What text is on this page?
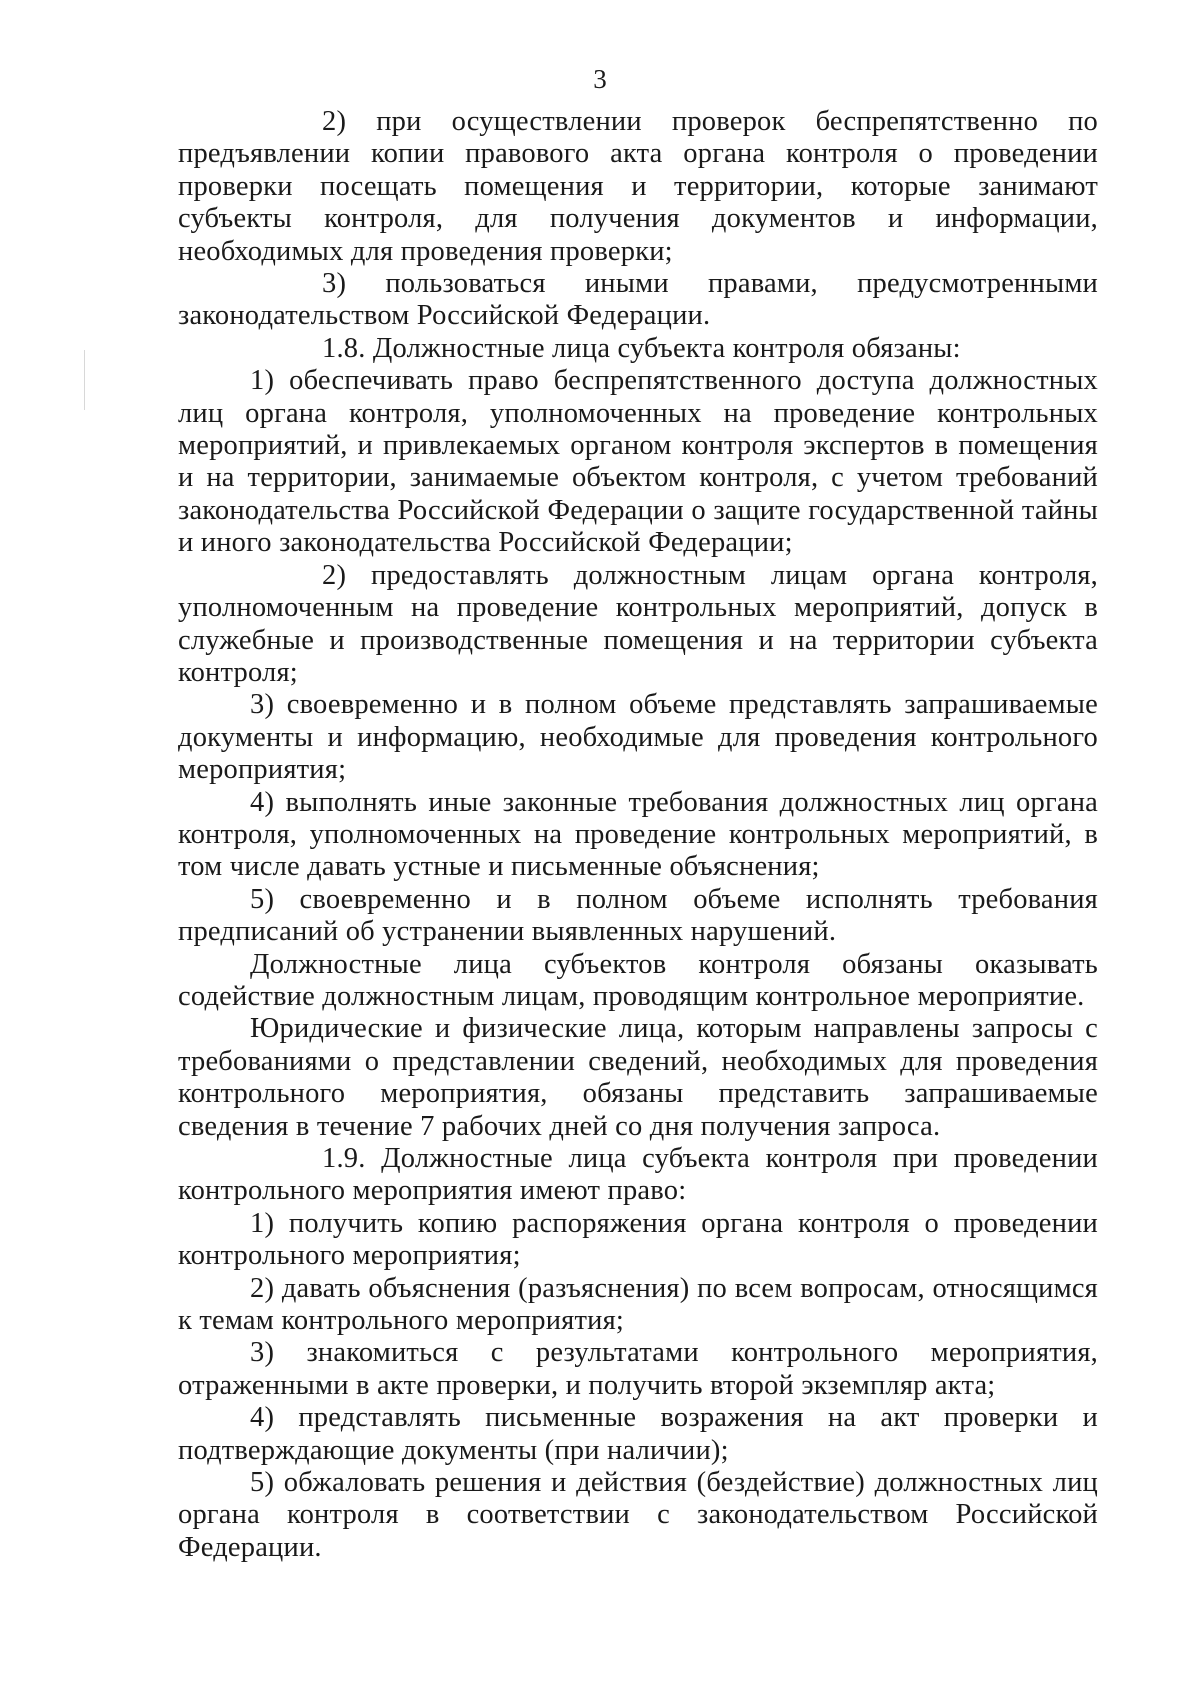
3

2) при осуществлении проверок беспрепятственно по предъявлении копии правового акта органа контроля о проведении проверки посещать помещения и территории, которые занимают субъекты контроля, для получения документов и информации, необходимых для проведения проверки;

3) пользоваться иными правами, предусмотренными законодательством Российской Федерации.

1.8. Должностные лица субъекта контроля обязаны:

1) обеспечивать право беспрепятственного доступа должностных лиц органа контроля, уполномоченных на проведение контрольных мероприятий, и привлекаемых органом контроля экспертов в помещения и на территории, занимаемые объектом контроля, с учетом требований законодательства Российской Федерации о защите государственной тайны и иного законодательства Российской Федерации;

2) предоставлять должностным лицам органа контроля, уполномоченным на проведение контрольных мероприятий, допуск в служебные и производственные помещения и на территории субъекта контроля;

3) своевременно и в полном объеме представлять запрашиваемые документы и информацию, необходимые для проведения контрольного мероприятия;

4) выполнять иные законные требования должностных лиц органа контроля, уполномоченных на проведение контрольных мероприятий, в том числе давать устные и письменные объяснения;

5) своевременно и в полном объеме исполнять требования предписаний об устранении выявленных нарушений.

Должностные лица субъектов контроля обязаны оказывать содействие должностным лицам, проводящим контрольное мероприятие.

Юридические и физические лица, которым направлены запросы с требованиями о представлении сведений, необходимых для проведения контрольного мероприятия, обязаны представить запрашиваемые сведения в течение 7 рабочих дней со дня получения запроса.

1.9. Должностные лица субъекта контроля при проведении контрольного мероприятия имеют право:

1) получить копию распоряжения органа контроля о проведении контрольного мероприятия;

2) давать объяснения (разъяснения) по всем вопросам, относящимся к темам контрольного мероприятия;

3) знакомиться с результатами контрольного мероприятия, отраженными в акте проверки, и получить второй экземпляр акта;

4) представлять письменные возражения на акт проверки и подтверждающие документы (при наличии);

5) обжаловать решения и действия (бездействие) должностных лиц органа контроля в соответствии с законодательством Российской Федерации.
